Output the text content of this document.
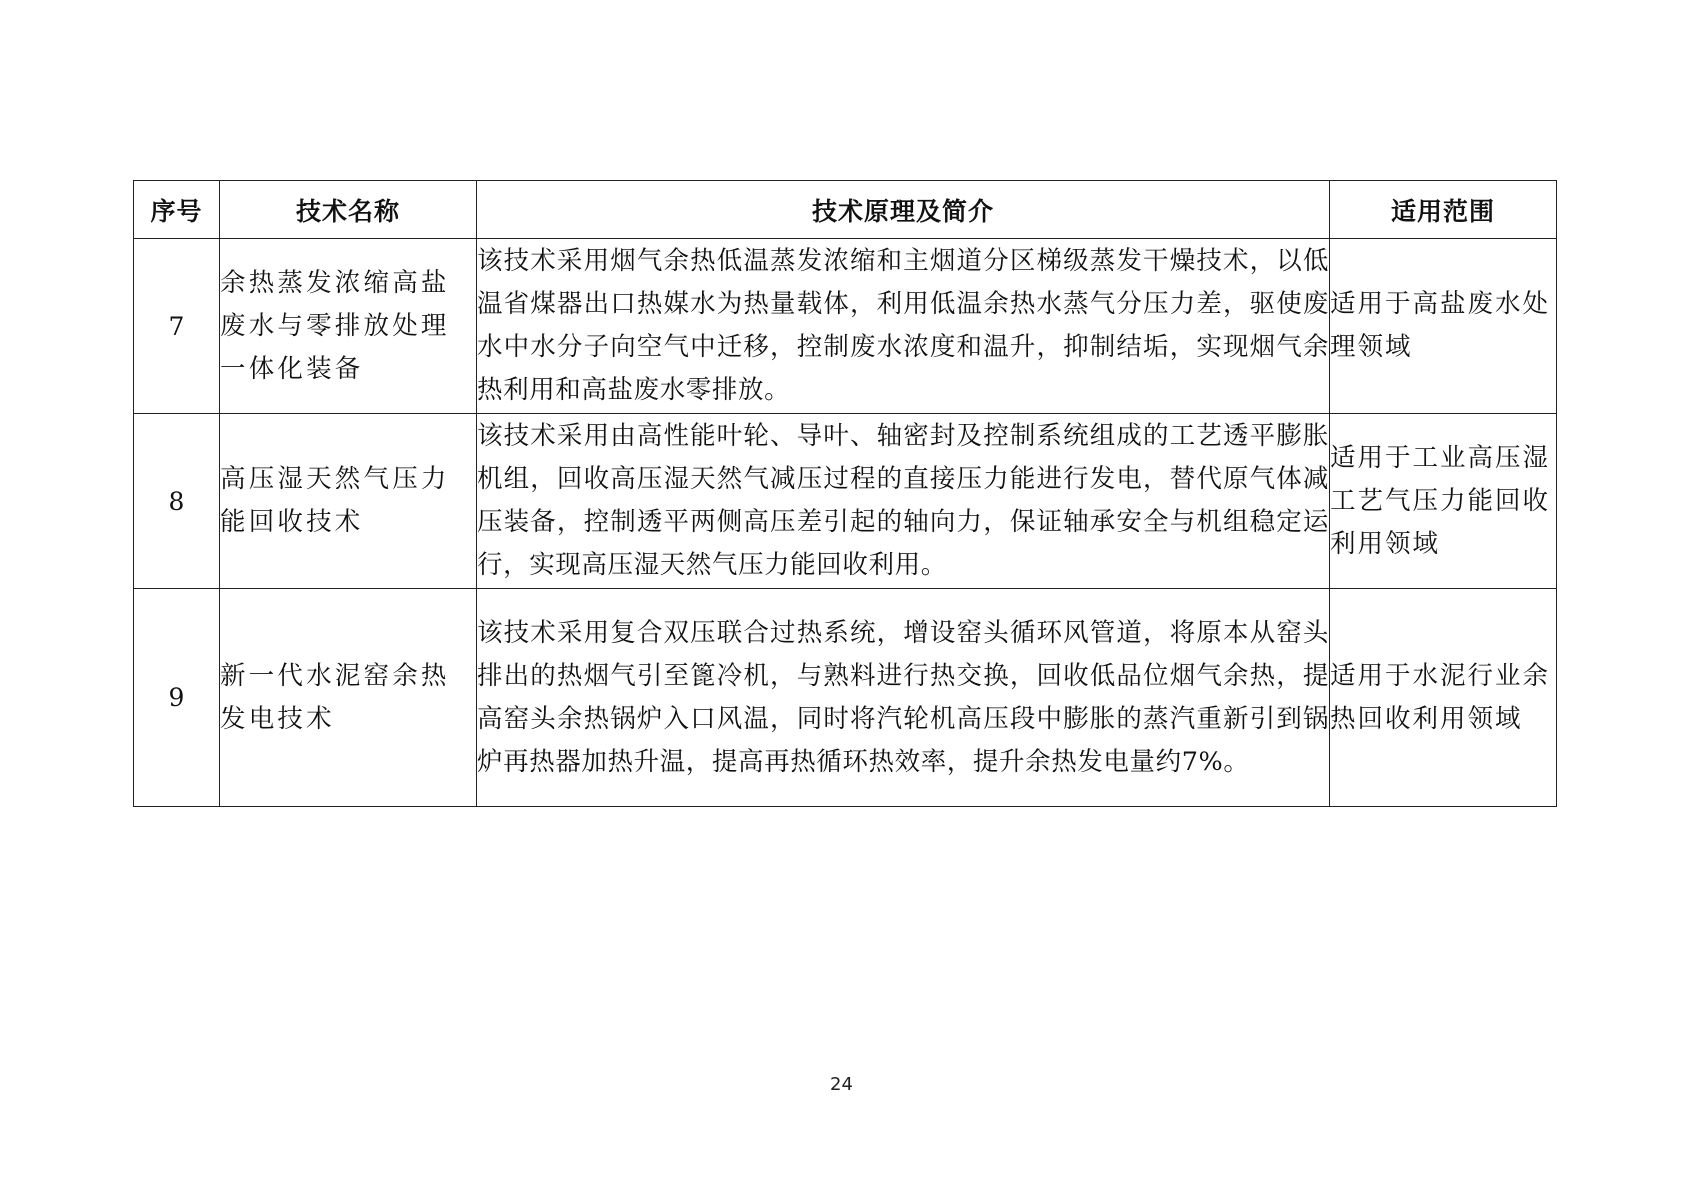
序号	技术名称	技术原理及简介	适用范围
7	余热蒸发浓缩高盐废水与零排放处理一体化装备	该技术采用烟气余热低温蒸发浓缩和主烟道分区梯级蒸发干燥技术，以低温省煤器出口热媒水为热量载体，利用低温余热水蒸气分压力差，驱使废水中水分子向空气中迁移，控制废水浓度和温升，抑制结垢，实现烟气余热利用和高盐废水零排放。	适用于高盐废水处理领域
8	高压湿天然气压力能回收技术	该技术采用由高性能叶轮、导叶、轴密封及控制系统组成的工艺透平膨胀机组，回收高压湿天然气减压过程的直接压力能进行发电，替代原气体减压装备，控制透平两侧高压差引起的轴向力，保证轴承安全与机组稳定运行，实现高压湿天然气压力能回收利用。	适用于工业高压湿工艺气压力能回收利用领域
9	新一代水泥窑余热发电技术	该技术采用复合双压联合过热系统，增设窑头循环风管道，将原本从窑头排出的热烟气引至篦冷机，与熟料进行热交换，回收低品位烟气余热，提高窑头余热锅炉入口风温，同时将汽轮机高压段中膨胀的蒸汽重新引到锅炉再热器加热升温，提高再热循环热效率，提升余热发电量约7%。	适用于水泥行业余热回收利用领域
24
